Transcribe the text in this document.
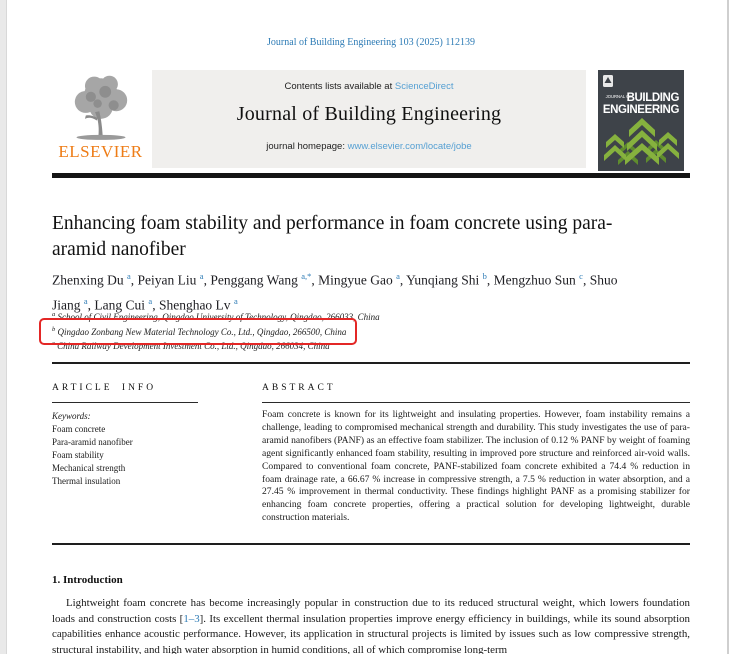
Journal of Building Engineering 103 (2025) 112139
ELSEVIER
Contents lists available at ScienceDirect
Journal of Building Engineering
journal homepage: www.elsevier.com/locate/jobe
JOURNAL OF
BUILDING
ENGINEERING
Enhancing foam stability and performance in foam concrete using para-aramid nanofiber
Zhenxing Du $^a$, Peiyan Liu $^a$, Penggang Wang $^{a,*}$, Mingyue Gao $^a$, Yunqiang Shi $^b$, Mengzhuo Sun $^c$, Shuo Jiang $^a$, Lang Cui $^a$, Shenghao Lv $^a$
$^a$ School of Civil Engineering, Qingdao University of Technology, Qingdao, 266033, China
$^b$ Qingdao Zonbang New Material Technology Co., Ltd., Qingdao, 266500, China
$^c$ China Railway Development Investment Co., Ltd., Qingdao, 266034, China
ARTICLE INFO
Keywords:
Foam concrete
Para-aramid nanofiber
Foam stability
Mechanical strength
Thermal insulation
ABSTRACT
Foam concrete is known for its lightweight and insulating properties. However, foam instability remains a challenge, leading to compromised mechanical strength and durability. This study investigates the use of para-aramid nanofibers (PANF) as an effective foam stabilizer. The inclusion of 0.12 % PANF by weight of foaming agent significantly enhanced foam stability, resulting in improved pore structure and reinforced air-void walls. Compared to conventional foam concrete, PANF-stabilized foam concrete exhibited a 74.4 % reduction in foam drainage rate, a 66.67 % increase in compressive strength, a 7.5 % reduction in water absorption, and a 27.45 % improvement in thermal conductivity. These findings highlight PANF as a promising stabilizer for enhancing foam concrete properties, offering a practical solution for developing lightweight, durable construction materials.
1. Introduction
Lightweight foam concrete has become increasingly popular in construction due to its reduced structural weight, which lowers foundation loads and construction costs [1–3]. Its excellent thermal insulation properties improve energy efficiency in buildings, while its sound absorption capabilities enhance acoustic performance. However, its application in structural projects is limited by issues such as low compressive strength, structural instability, and high water absorption in humid conditions, all of which compromise long-term
